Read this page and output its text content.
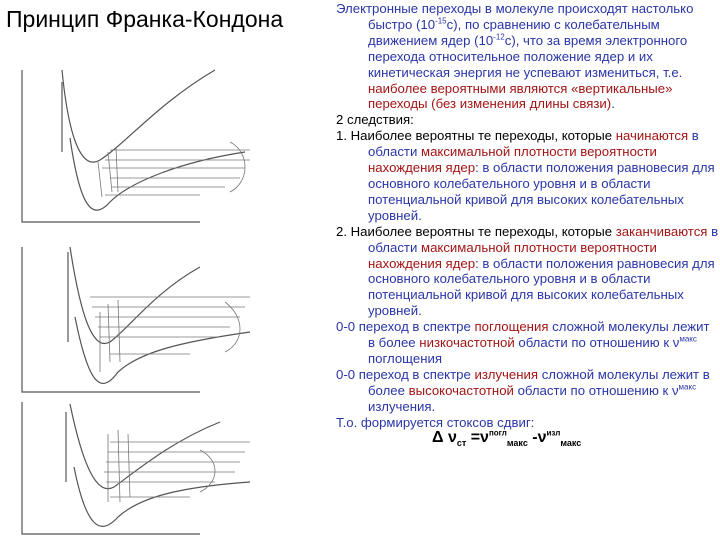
Принцип Франка-Кондона	Электронные переходы в молекуле происходят настолько быстро $(10^{-15}c)$, по сравнению с колебательным движением ядер $(10^{-12}c)$, что за время электронного перехода относительное положение ядер и их кинетическая энергия не успевают измениться, т.е. наиболее вероятными являются «вертикальные» переходы (без изменения длины связи).

2 следствия:

1. Наиболее вероятны те переходы, которые начинаются в области максимальной плотности вероятности нахождения ядер: в области положения равновесия для основного колебательного уровня и в области потенциальной кривой для высоких колебательных уровней.

2. Наиболее вероятны те переходы, которые заканчиваются в области максимальной плотности вероятности нахождения ядер: в области положения равновесия для основного колебательного уровня и в области потенциальной кривой для высоких колебательных уровней.

0-0 переход в спектре поглощения сложной молекулы лежит в более низкочастотной области по отношению к $\nu^{макс}$ поглощения

0-0 переход в спектре излучения сложной молекулы лежит в более высокочастотной области по отношению к $\nu^{макс}$ излучения.

Т.о. формируется стоксов сдвиг:

Δ $\nu_{ст} =\nu^{погл}_{макс}$ $-\nu^{изл}_{макс}$
